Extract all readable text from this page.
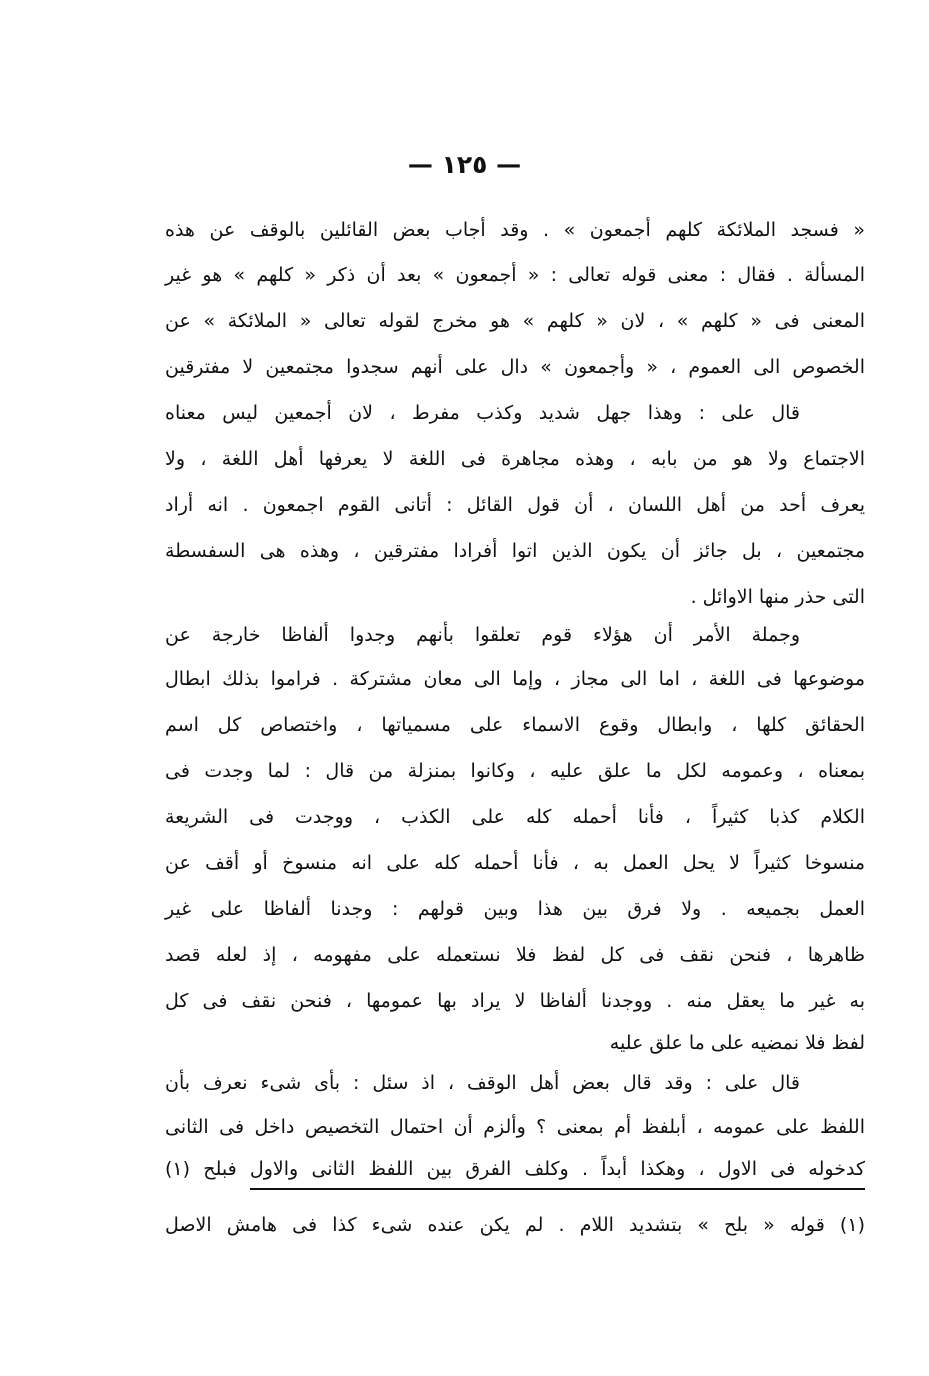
— ١٢٥ —
« فسجد الملائكة كلهم أجمعون » . وقد أجاب بعض القائلين بالوقف عن هذه
المسألة . فقال : معنى قوله تعالى : « أجمعون » بعد أن ذكر « كلهم » هو غير
المعنى فى « كلهم » ، لان « كلهم » هو مخرج لقوله تعالى « الملائكة » عن
الخصوص الى العموم ، « وأجمعون » دال على أنهم سجدوا مجتمعين لا مفترقين
قال على : وهذا جهل شديد وكذب مفرط ، لان أجمعين ليس معناه
الاجتماع ولا هو من بابه ، وهذه مجاهرة فى اللغة لا يعرفها أهل اللغة ، ولا
يعرف أحد من أهل اللسان ، أن قول القائل : أتانى القوم اجمعون . انه أراد
مجتمعين ، بل جائز أن يكون الذين اتوا أفرادا مفترقين ، وهذه هى السفسطة
التى حذر منها الاوائل .
وجملة الأمر أن هؤلاء قوم تعلقوا بأنهم وجدوا ألفاظا خارجة عن
موضوعها فى اللغة ، اما الى مجاز ، وإما الى معان مشتركة . فراموا بذلك ابطال
الحقائق كلها ، وابطال وقوع الاسماء على مسمياتها ، واختصاص كل اسم
بمعناه ، وعمومه لكل ما علق عليه ، وكانوا بمنزلة من قال : لما وجدت فى
الكلام كذبا كثيراً ، فأنا أحمله كله على الكذب ، ووجدت فى الشريعة
منسوخا كثيراً لا يحل العمل به ، فأنا أحمله كله على انه منسوخ أو أقف عن
العمل بجميعه . ولا فرق بين هذا وبين قولهم : وجدنا ألفاظا على غير
ظاهرها ، فنحن نقف فى كل لفظ فلا نستعمله على مفهومه ، إذ لعله قصد
به غير ما يعقل منه . ووجدنا ألفاظا لا يراد بها عمومها ، فنحن نقف فى كل
لفظ فلا نمضيه على ما علق عليه
قال على : وقد قال بعض أهل الوقف ، اذ سئل : بأى شىء نعرف بأن
اللفظ على عمومه ، أبلفظ أم بمعنى ؟ وألزم أن احتمال التخصيص داخل فى الثانى
كدخوله فى الاول ، وهكذا أبداً . وكلف الفرق بين اللفظ الثانى والاول فبلح (١)
(١) قوله « بلح » بتشديد اللام . لم يكن عنده شىء كذا فى هامش الاصل
